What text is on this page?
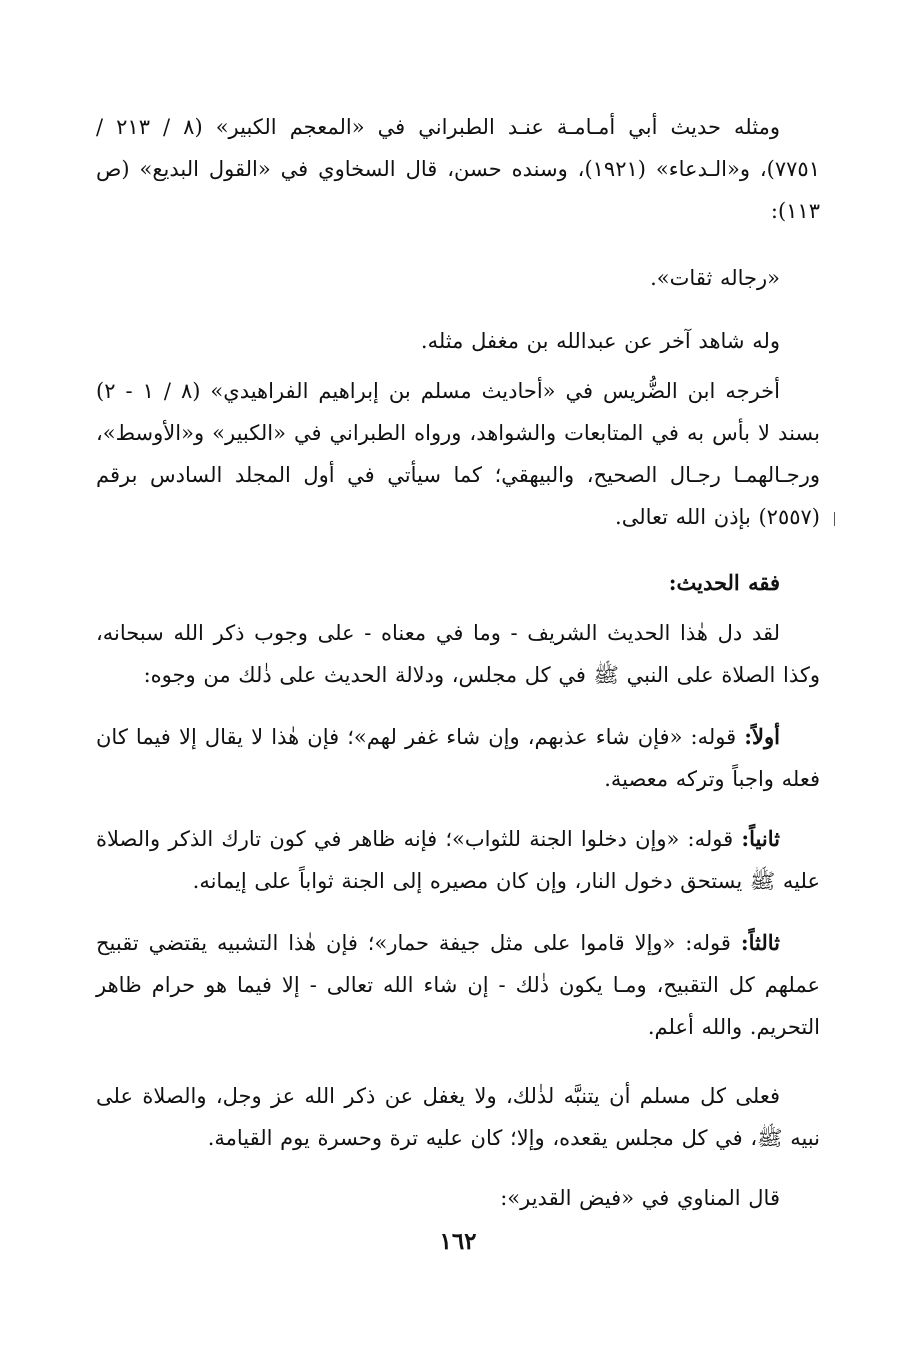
ومثله حديث أبي أمـامـة عنـد الطبراني في «المعجم الكبير» (٨ / ٢١٣ / ٧٧٥١)، و«الـدعاء» (١٩٢١)، وسنده حسن، قال السخاوي في «القول البديع» (ص ١١٣):

«رجاله ثقات».

وله شاهد آخر عن عبدالله بن مغفل مثله.

أخرجه ابن الضُّريس في «أحاديث مسلم بن إبراهيم الفراهيدي» (٨ / ١ - ٢) بسند لا بأس به في المتابعات والشواهد، ورواه الطبراني في «الكبير» و«الأوسط»، ورجـالهمـا رجـال الصحيح، والبيهقي؛ كما سيأتي في أول المجلد السادس برقم (٢٥٥٧) بإذن الله تعالى.

فقه الحديث:

لقد دل هٰذا الحديث الشريف - وما في معناه - على وجوب ذكر الله سبحانه، وكذا الصلاة على النبي ﷺ في كل مجلس، ودلالة الحديث على ذٰلك من وجوه:

أولاً: قوله: «فإن شاء عذبهم، وإن شاء غفر لهم»؛ فإن هٰذا لا يقال إلا فيما كان فعله واجباً وتركه معصية.

ثانياً: قوله: «وإن دخلوا الجنة للثواب»؛ فإنه ظاهر في كون تارك الذكر والصلاة عليه ﷺ يستحق دخول النار، وإن كان مصيره إلى الجنة ثواباً على إيمانه.

ثالثاً: قوله: «وإلا قاموا على مثل جيفة حمار»؛ فإن هٰذا التشبيه يقتضي تقبيح عملهم كل التقبيح، ومـا يكون ذٰلك - إن شاء الله تعالى - إلا فيما هو حرام ظاهر التحريم. والله أعلم.

فعلى كل مسلم أن يتنبَّه لذٰلك، ولا يغفل عن ذكر الله عز وجل، والصلاة على نبيه ﷺ، في كل مجلس يقعده، وإلا؛ كان عليه ترة وحسرة يوم القيامة.

قال المناوي في «فيض القدير»:

١٦٢
